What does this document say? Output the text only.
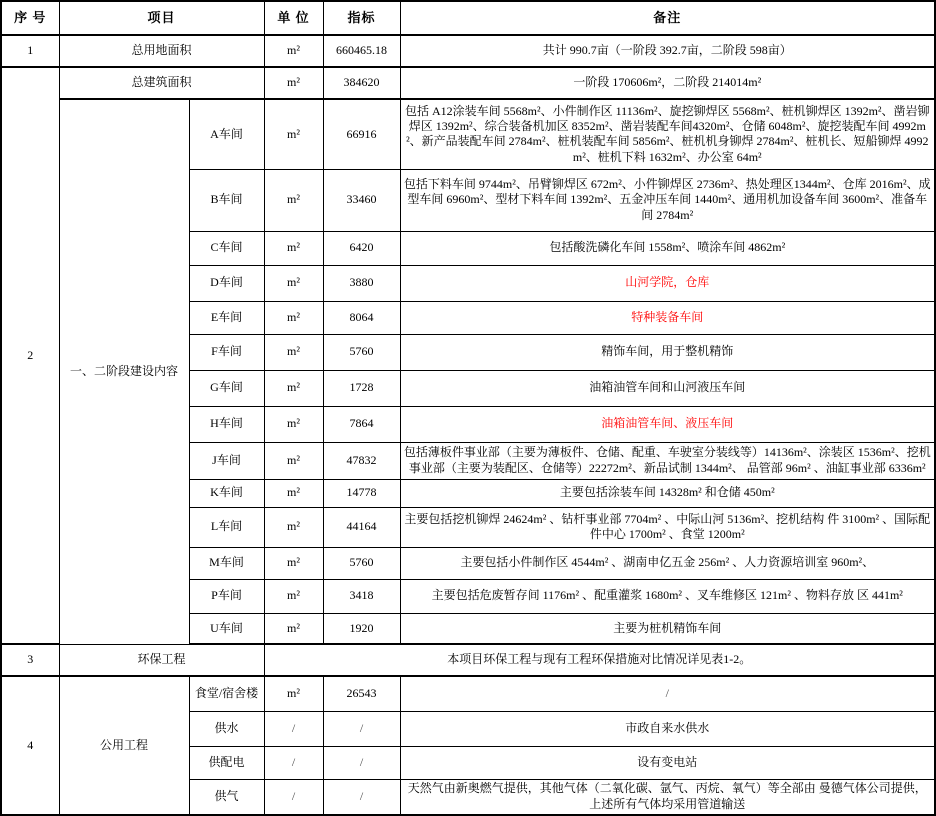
序 号	项目		单 位	指标	备注
1	总用地面积		m²	660465.18	共计 990.7亩（一阶段 392.7亩，二阶段 598亩）
2	总建筑面积		m²	384620	一阶段 170606m²，二阶段 214014m²
	一、二阶段建设内容	A车间	m²	66916	包括 A12涂装车间 5568m²、小件制作区 11136m²、旋挖铆焊区 5568m²、桩机铆焊区 1392m²、凿岩铆焊区 1392m²、综合装备机加区 8352m²、凿岩装配车间4320m²、仓储 6048m²、旋挖装配车间 4992m²、新产品装配车间 2784m²、桩机装配车间 5856m²、桩机机身铆焊 2784m²、桩机长、短船铆焊 4992m²、桩机下料 1632m²、办公室 64m²
		B车间	m²	33460	包括下料车间 9744m²、吊臂铆焊区 672m²、小件铆焊区 2736m²、热处理区1344m²、仓库 2016m²、成型车间 6960m²、型材下料车间 1392m²、五金冲压车间 1440m²、通用机加设备车间 3600m²、准备车间 2784m²
		C车间	m²	6420	包括酸洗磷化车间 1558m²、喷涂车间 4862m²
		D车间	m²	3880	山河学院，仓库
		E车间	m²	8064	特种装备车间
		F车间	m²	5760	精饰车间，用于整机精饰
		G车间	m²	1728	油箱油管车间和山河液压车间
		H车间	m²	7864	油箱油管车间、液压车间
		J车间	m²	47832	包括薄板件事业部（主要为薄板件、仓储、配重、车驶室分装线等）14136m²、涂装区 1536m²、挖机事业部（主要为装配区、仓储等）22272m²、新品试制 1344m²、 品管部 96m² 、油缸事业部 6336m²
		K车间	m²	14778	主要包括涂装车间 14328m² 和仓储 450m²
		L车间	m²	44164	主要包括挖机铆焊 24624m² 、钻杆事业部 7704m² 、中际山河 5136m²、挖机结构 件 3100m² 、国际配件中心 1700m² 、食堂 1200m²
		M车间	m²	5760	主要包括小件制作区 4544m² 、湖南申亿五金 256m² 、人力资源培训室 960m²、
		P车间	m²	3418	主要包括危废暂存间 1176m² 、配重灌浆 1680m² 、叉车维修区 121m² 、物料存放 区 441m²
		U车间	m²	1920	主要为桩机精饰车间
3	环保工程		本项目环保工程与现有工程环保措施对比情况详见表1-2。		
4	公用工程	食堂/宿舍楼	m²	26543	/
		供水	/	/	市政自来水供水
		供配电	/	/	设有变电站
		供气	/	/	天然气由新奥燃气提供，其他气体（二氧化碳、氩气、丙烷、氧气）等全部由 曼德气体公司提供，上述所有气体均采用管道输送
